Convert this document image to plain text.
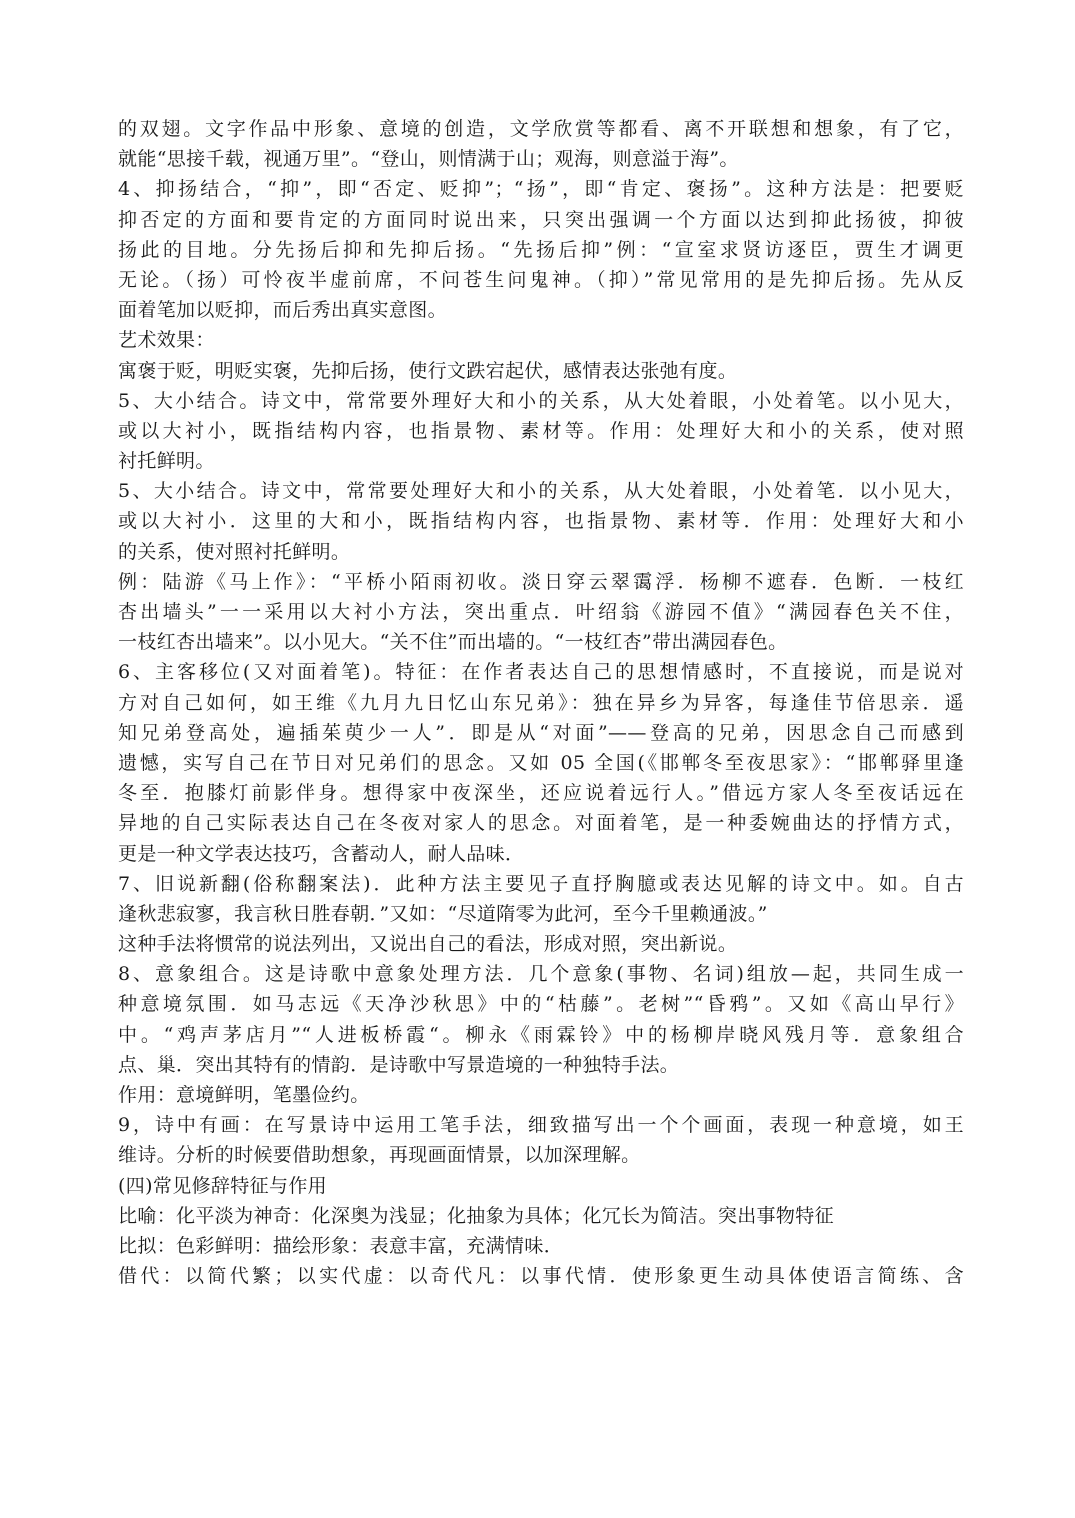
的双翅。文字作品中形象、意境的创造，文学欣赏等都看、离不开联想和想象，有了它，
就能“思接千载，视通万里”。“登山，则情满于山；观海，则意溢于海”。
4、抑扬结合，“抑”，即“否定、贬抑”；“扬”，即“肯定、褒扬”。这种方法是：把要贬
抑否定的方面和要肯定的方面同时说出来，只突出强调一个方面以达到抑此扬彼，抑彼
扬此的目地。分先扬后抑和先抑后扬。“先扬后抑”例：“宣室求贤访逐臣，贾生才调更
无论。（扬）可怜夜半虚前席，不问苍生问鬼神。（抑）”常见常用的是先抑后扬。先从反
面着笔加以贬抑，而后秀出真实意图。
艺术效果：
寓褒于贬，明贬实褒，先抑后扬，使行文跌宕起伏，感情表达张弛有度。
5、大小结合。诗文中，常常要外理好大和小的关系，从大处着眼，小处着笔。以小见大，
或以大衬小，既指结构内容，也指景物、素材等。作用：处理好大和小的关系，使对照
衬托鲜明。
5、大小结合。诗文中，常常要处理好大和小的关系，从大处着眼，小处着笔．以小见大，
或以大衬小．这里的大和小，既指结构内容，也指景物、素材等．作用：处理好大和小
的关系，使对照衬托鲜明。
例：陆游《马上作》：“平桥小陌雨初收。淡日穿云翠霭浮．杨柳不遮春．色断．一枝红
杏出墙头”一一采用以大衬小方法，突出重点．叶绍翁《游园不值》“满园春色关不住，
一枝红杏出墙来”。以小见大。“关不住”而出墙的。“一枝红杏”带出满园春色。
6、主客移位(又对面着笔)。特征：在作者表达自己的思想情感时，不直接说，而是说对
方对自己如何，如王维《九月九日忆山东兄弟》：独在异乡为异客，每逢佳节倍思亲．遥
知兄弟登高处，遍插茱萸少一人”．即是从“对面”——登高的兄弟，因思念自己而感到
遗憾，实写自己在节日对兄弟们的思念。又如 05 全国(《邯郸冬至夜思家》：“邯郸驿里逢
冬至．抱膝灯前影伴身。想得家中夜深坐，还应说着远行人。”借远方家人冬至夜话远在
异地的自己实际表达自己在冬夜对家人的思念。对面着笔，是一种委婉曲达的抒情方式，
更是一种文学表达技巧，含蓄动人，耐人品味．
7、旧说新翻(俗称翻案法)．此种方法主要见子直抒胸臆或表达见解的诗文中。如。自古
逢秋悲寂寥，我言秋日胜春朝．”又如：“尽道隋零为此河，至今千里赖通波。”
这种手法将惯常的说法列出，又说出自己的看法，形成对照，突出新说。
8、意象组合。这是诗歌中意象处理方法．几个意象(事物、名词)组放—起，共同生成一
种意境氛围．如马志远《天净沙秋思》中的“枯藤”。老树”“昏鸦”。又如《高山早行》
中。“鸡声茅店月”“人进板桥霞“。柳永《雨霖铃》中的杨柳岸晓风残月等．意象组合
点、巢．突出其特有的情韵．是诗歌中写景造境的一种独特手法。
作用：意境鲜明，笔墨俭约。
9，诗中有画：在写景诗中运用工笔手法，细致描写出一个个画面，表现一种意境，如王
维诗。分析的时候要借助想象，再现画面情景，以加深理解。
(四)常见修辞特征与作用
比喻：化平淡为神奇：化深奥为浅显；化抽象为具体；化冗长为简洁。突出事物特征
比拟：色彩鲜明：描绘形象：表意丰富，充满情味．
借代：以简代繁；以实代虚：以奇代凡：以事代情．使形象更生动具体使语言简练、含
